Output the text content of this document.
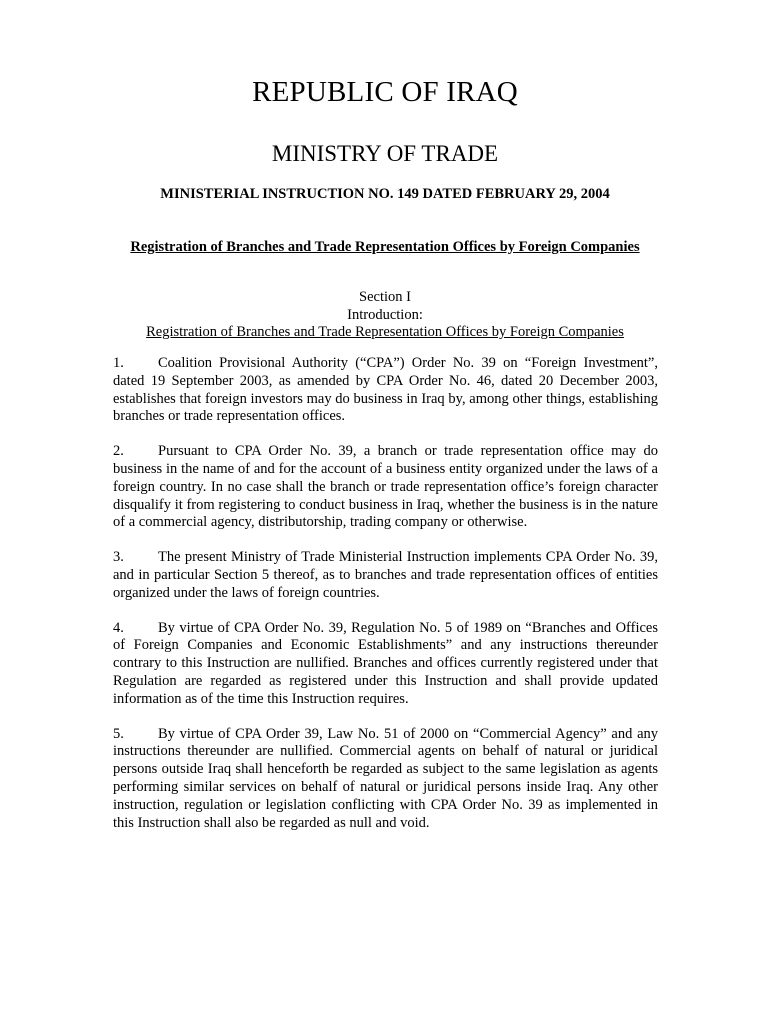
REPUBLIC OF IRAQ
MINISTRY OF TRADE
MINISTERIAL INSTRUCTION NO. 149 DATED FEBRUARY 29, 2004
Registration of Branches and Trade Representation Offices by Foreign Companies
Section I
Introduction:
Registration of Branches and Trade Representation Offices by Foreign Companies

1. Coalition Provisional Authority (“CPA”) Order No. 39 on “Foreign Investment”, dated 19 September 2003, as amended by CPA Order No. 46, dated 20 December 2003, establishes that foreign investors may do business in Iraq by, among other things, establishing branches or trade representation offices.

2. Pursuant to CPA Order No. 39, a branch or trade representation office may do business in the name of and for the account of a business entity organized under the laws of a foreign country. In no case shall the branch or trade representation office’s foreign character disqualify it from registering to conduct business in Iraq, whether the business is in the nature of a commercial agency, distributorship, trading company or otherwise.

3. The present Ministry of Trade Ministerial Instruction implements CPA Order No. 39, and in particular Section 5 thereof, as to branches and trade representation offices of entities organized under the laws of foreign countries.

4. By virtue of CPA Order No. 39, Regulation No. 5 of 1989 on “Branches and Offices of Foreign Companies and Economic Establishments” and any instructions thereunder contrary to this Instruction are nullified. Branches and offices currently registered under that Regulation are regarded as registered under this Instruction and shall provide updated information as of the time this Instruction requires.

5. By virtue of CPA Order 39, Law No. 51 of 2000 on “Commercial Agency” and any instructions thereunder are nullified. Commercial agents on behalf of natural or juridical persons outside Iraq shall henceforth be regarded as subject to the same legislation as agents performing similar services on behalf of natural or juridical persons inside Iraq. Any other instruction, regulation or legislation conflicting with CPA Order No. 39 as implemented in this Instruction shall also be regarded as null and void.
